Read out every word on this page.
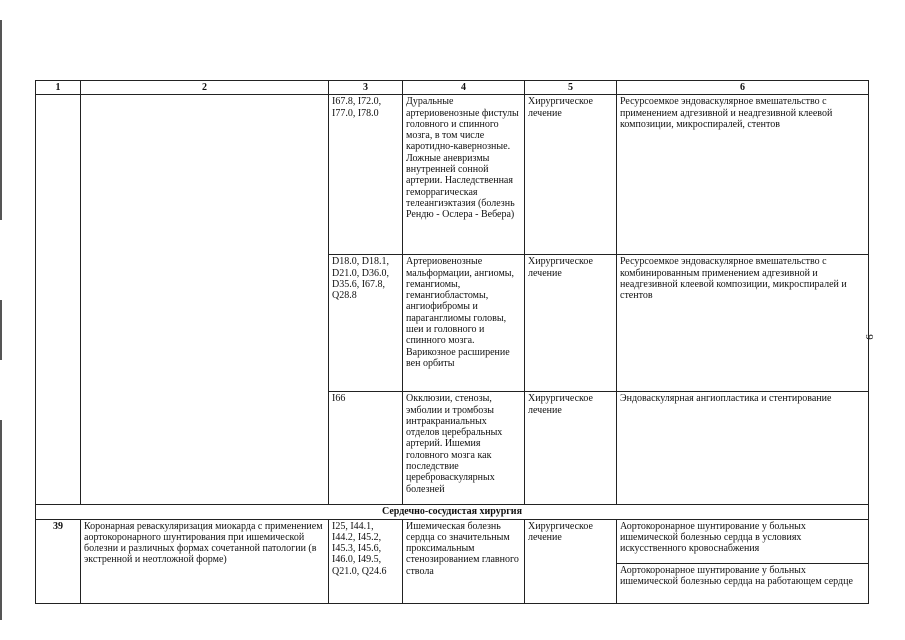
9
1	2	3	4	5	6
		I67.8, I72.0, I77.0, I78.0	Дуральные артериовенозные фистулы головного и спинного мозга, в том числе каротидно-кавернозные. Ложные аневризмы внутренней сонной артерии. Наследственная геморрагическая телеангиэктазия (болезнь Рендю - Ослера - Вебера)	Хирургическое лечение	Ресурсоемкое эндоваскулярное вмешательство с применением адгезивной и неадгезивной клеевой композиции, микроспиралей, стентов
		D18.0, D18.1, D21.0, D36.0, D35.6, I67.8, Q28.8	Артериовенозные мальформации, ангиомы, гемангиомы, гемангиобластомы, ангиофибромы и параганглиомы головы, шеи и головного и спинного мозга. Варикозное расширение вен орбиты	Хирургическое лечение	Ресурсоемкое эндоваскулярное вмешательство с комбинированным применением адгезивной и неадгезивной клеевой композиции, микроспиралей и стентов
		I66	Окклюзии, стенозы, эмболии и тромбозы интракраниальных отделов церебральных артерий. Ишемия головного мозга как последствие цереброваскулярных болезней	Хирургическое лечение	Эндоваскулярная ангиопластика и стентирование
Сердечно-сосудистая хирургия					
39	Коронарная реваскуляризация миокарда с применением аортокоронарного шунтирования при ишемической болезни и различных формах сочетанной патологии (в экстренной и неотложной форме)	I25, I44.1, I44.2, I45.2, I45.3, I45.6, I46.0, I49.5, Q21.0, Q24.6	Ишемическая болезнь сердца со значительным проксимальным стенозированием главного ствола	Хирургическое лечение	Аортокоронарное шунтирование у больных ишемической болезнью сердца в условиях искусственного кровоснабжения
					Аортокоронарное шунтирование у больных ишемической болезнью сердца на работающем сердце
